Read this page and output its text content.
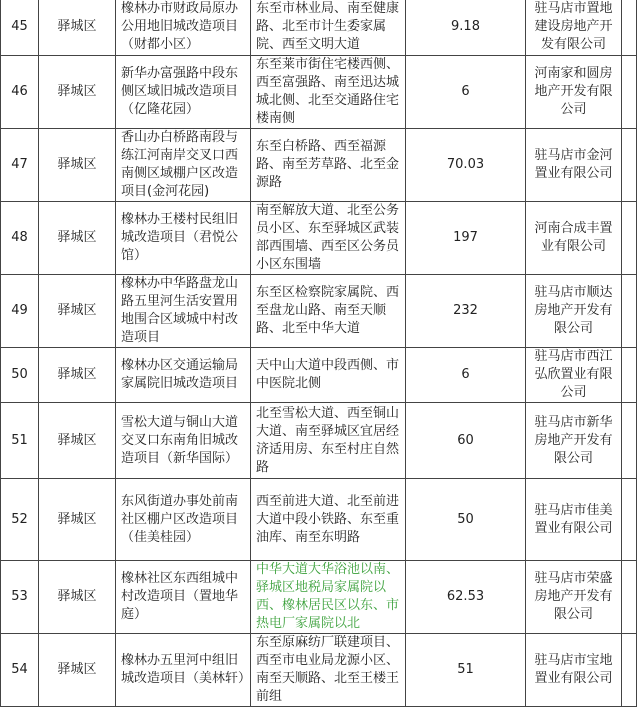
45	驿城区	橡林办市财政局原办公用地旧城改造项目（财都小区）	东至市林业局、南至健康路、北至市计生委家属院、西至文明大道	9.18	驻马店市置地建设房地产开发有限公司	
46	驿城区	新华办富强路中段东侧区域旧城改造项目（亿隆花园）	东至莱市街住宅楼西侧、西至富强路、南至迅达城城北侧、北至交通路住宅楼南侧	6	河南家和圆房地产开发有限公司	
47	驿城区	香山办白桥路南段与练江河南岸交叉口西南侧区域棚户区改造项目(金河花园)	东至白桥路、西至福源路、南至芳草路、北至金源路	70.03	驻马店市金河置业有限公司	
48	驿城区	橡林办王楼村民组旧城改造项目（君悦公馆）	南至解放大道、北至公务员小区、东至驿城区武装部西围墙、西至区公务员小区东围墙	197	河南合成丰置业有限公司	
49	驿城区	橡林办中华路盘龙山路五里河生活安置用地围合区域城中村改造项目	东至区检察院家属院、西至盘龙山路、南至天顺路、北至中华大道	232	驻马店市顺达房地产开发有限公司	
50	驿城区	橡林办区交通运输局家属院旧城改造项目	天中山大道中段西侧、市中医院北侧	6	驻马店市西江弘欣置业有限公司	
51	驿城区	雪松大道与铜山大道交叉口东南角旧城改造项目（新华国际）	北至雪松大道、西至铜山大道、南至驿城区宜居经济适用房、东至村庄自然路	60	驻马店市新华房地产开发有限公司	
52	驿城区	东风街道办事处前南社区棚户区改造项目（佳美桂园）	西至前进大道、北至前进大道中段小铁路、东至重油库、南至东明路	50	驻马店市佳美置业有限公司	
53	驿城区	橡林社区东西组城中村改造项目（置地华庭）	中华大道大华浴池以南、驿城区地税局家属院以西、橡林居民区以东、市热电厂家属院以北	62.53	驻马店市荣盛房地产开发有限公司	
54	驿城区	橡林办五里河中组旧城改造项目（美林轩）	东至原麻纺厂联建项目、西至市电业局龙源小区、南至天顺路、北至王楼王前组	51	驻马店市宝地置业有限公司	
